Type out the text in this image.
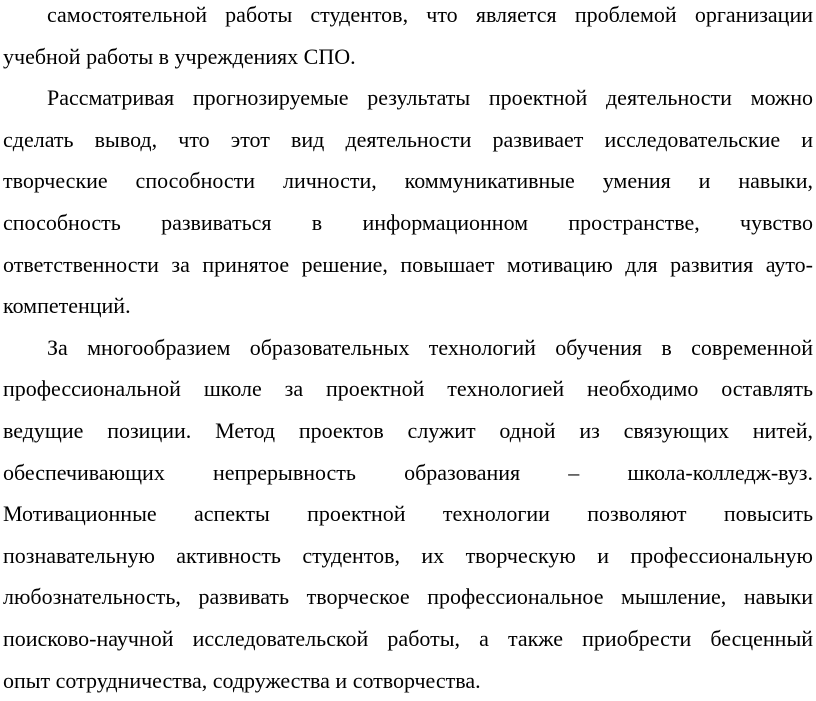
самостоятельной работы студентов, что является проблемой организации
учебной работы в учреждениях СПО.
Рассматривая прогнозируемые результаты проектной деятельности можно
сделать вывод, что этот вид деятельности развивает исследовательские и
творческие способности личности, коммуникативные умения и навыки,
способность развиваться в информационном пространстве, чувство
ответственности за принятое решение, повышает мотивацию для развития ауто-
компетенций.
За многообразием образовательных технологий обучения в современной
профессиональной школе за проектной технологией необходимо оставлять
ведущие позиции. Метод проектов служит одной из связующих нитей,
обеспечивающих непрерывность образования – школа-колледж-вуз.
Мотивационные аспекты проектной технологии позволяют повысить
познавательную активность студентов, их творческую и профессиональную
любознательность, развивать творческое профессиональное мышление, навыки
поисково-научной исследовательской работы, а также приобрести бесценный
опыт сотрудничества, содружества и сотворчества.
